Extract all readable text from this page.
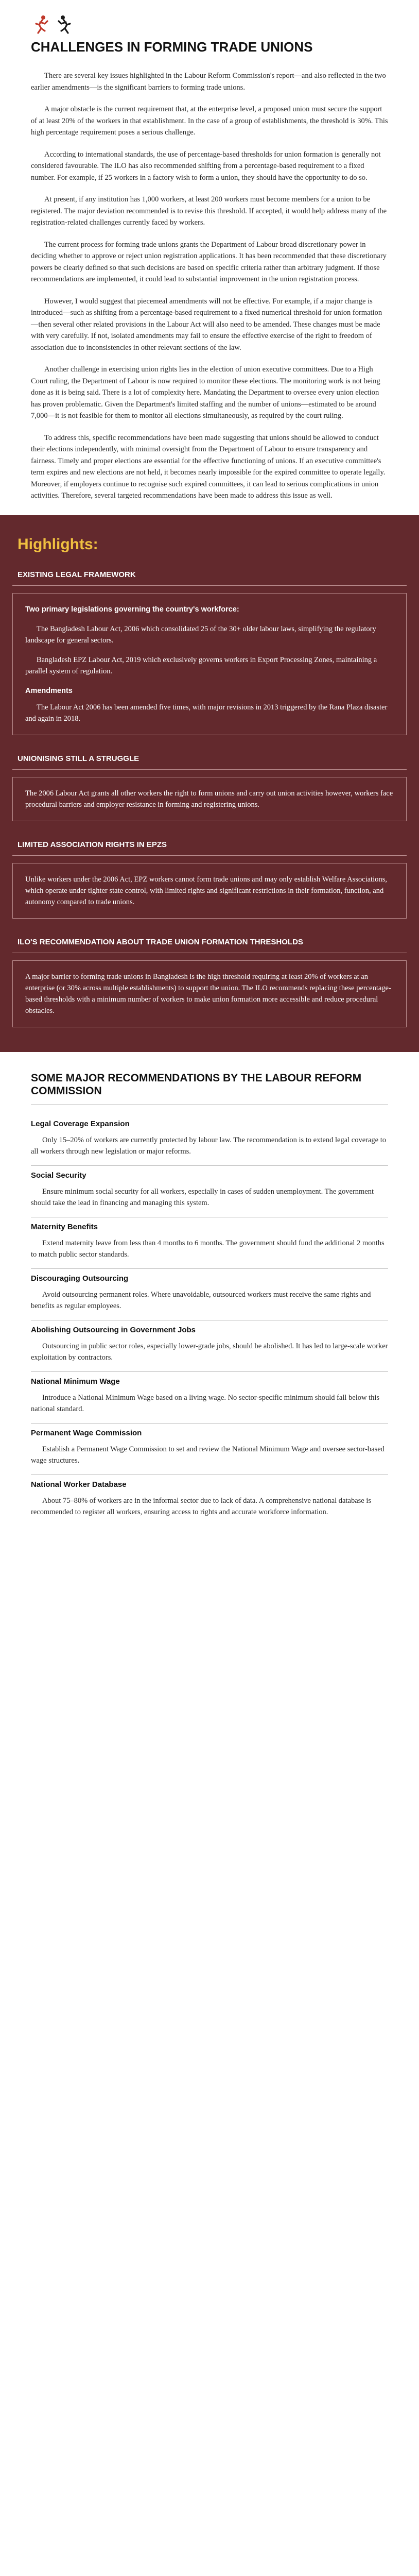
CHALLENGES IN FORMING TRADE UNIONS

There are several key issues highlighted in the Labour Reform Commission's report—and also reflected in the two earlier amendments—is the significant barriers to forming trade unions.

A major obstacle is the current requirement that, at the enterprise level, a proposed union must secure the support of at least 20% of the workers in that establishment. In the case of a group of establishments, the threshold is 30%. This high percentage requirement poses a serious challenge.

According to international standards, the use of percentage-based thresholds for union formation is generally not considered favourable. The ILO has also recommended shifting from a percentage-based requirement to a fixed number. For example, if 25 workers in a factory wish to form a union, they should have the opportunity to do so.

At present, if any institution has 1,000 workers, at least 200 workers must become members for a union to be registered. The major deviation recommended is to revise this threshold. If accepted, it would help address many of the registration-related challenges currently faced by workers.

The current process for forming trade unions grants the Department of Labour broad discretionary power in deciding whether to approve or reject union registration applications. It has been recommended that these discretionary powers be clearly defined so that such decisions are based on specific criteria rather than arbitrary judgment. If those recommendations are implemented, it could lead to substantial improvement in the union registration process.

However, I would suggest that piecemeal amendments will not be effective. For example, if a major change is introduced—such as shifting from a percentage-based requirement to a fixed numerical threshold for union formation—then several other related provisions in the Labour Act will also need to be amended. These changes must be made with very carefully. If not, isolated amendments may fail to ensure the effective exercise of the right to freedom of association due to inconsistencies in other relevant sections of the law.

Another challenge in exercising union rights lies in the election of union executive committees. Due to a High Court ruling, the Department of Labour is now required to monitor these elections. The monitoring work is not being done as it is being said. There is a lot of complexity here. Mandating the Department to oversee every union election has proven problematic. Given the Department's limited staffing and the number of unions—estimated to be around 7,000—it is not feasible for them to monitor all elections simultaneously, as required by the court ruling.

To address this, specific recommendations have been made suggesting that unions should be allowed to conduct their elections independently, with minimal oversight from the Department of Labour to ensure transparency and fairness. Timely and proper elections are essential for the effective functioning of unions. If an executive committee's term expires and new elections are not held, it becomes nearly impossible for the expired committee to operate legally. Moreover, if employers continue to recognise such expired committees, it can lead to serious complications in union activities. Therefore, several targeted recommendations have been made to address this issue as well.

Highlights:
EXISTING LEGAL FRAMEWORK
Two primary legislations governing the country's workforce:

The Bangladesh Labour Act, 2006 which consolidated 25 of the 30+ older labour laws, simplifying the regulatory landscape for general sectors.

Bangladesh EPZ Labour Act, 2019 which exclusively governs workers in Export Processing Zones, maintaining a parallel system of regulation.

Amendments

The Labour Act 2006 has been amended five times, with major revisions in 2013 triggered by the Rana Plaza disaster and again in 2018.

UNIONISING STILL A STRUGGLE

The 2006 Labour Act grants all other workers the right to form unions and carry out union activities however, workers face procedural barriers and employer resistance in forming and registering unions.

LIMITED ASSOCIATION RIGHTS IN EPZS

Unlike workers under the 2006 Act, EPZ workers cannot form trade unions and may only establish Welfare Associations, which operate under tighter state control, with limited rights and significant restrictions in their formation, function, and autonomy compared to trade unions.

ILO'S RECOMMENDATION ABOUT TRADE UNION FORMATION THRESHOLDS

A major barrier to forming trade unions in Bangladesh is the high threshold requiring at least 20% of workers at an enterprise (or 30% across multiple establishments) to support the union. The ILO recommends replacing these percentage-based thresholds with a minimum number of workers to make union formation more accessible and reduce procedural obstacles.

SOME MAJOR RECOMMENDATIONS BY THE LABOUR REFORM COMMISSION
Legal Coverage Expansion

Only 15–20% of workers are currently protected by labour law. The recommendation is to extend legal coverage to all workers through new legislation or major reforms.

Social Security

Ensure minimum social security for all workers, especially in cases of sudden unemployment. The government should take the lead in financing and managing this system.

Maternity Benefits

Extend maternity leave from less than 4 months to 6 months. The government should fund the additional 2 months to match public sector standards.

Discouraging Outsourcing

Avoid outsourcing permanent roles. Where unavoidable, outsourced workers must receive the same rights and benefits as regular employees.

Abolishing Outsourcing in Government Jobs

Outsourcing in public sector roles, especially lower-grade jobs, should be abolished. It has led to large-scale worker exploitation by contractors.

National Minimum Wage

Introduce a National Minimum Wage based on a living wage. No sector-specific minimum should fall below this national standard.

Permanent Wage Commission

Establish a Permanent Wage Commission to set and review the National Minimum Wage and oversee sector-based wage structures.

National Worker Database

About 75–80% of workers are in the informal sector due to lack of data. A comprehensive national database is recommended to register all workers, ensuring access to rights and accurate workforce information.
